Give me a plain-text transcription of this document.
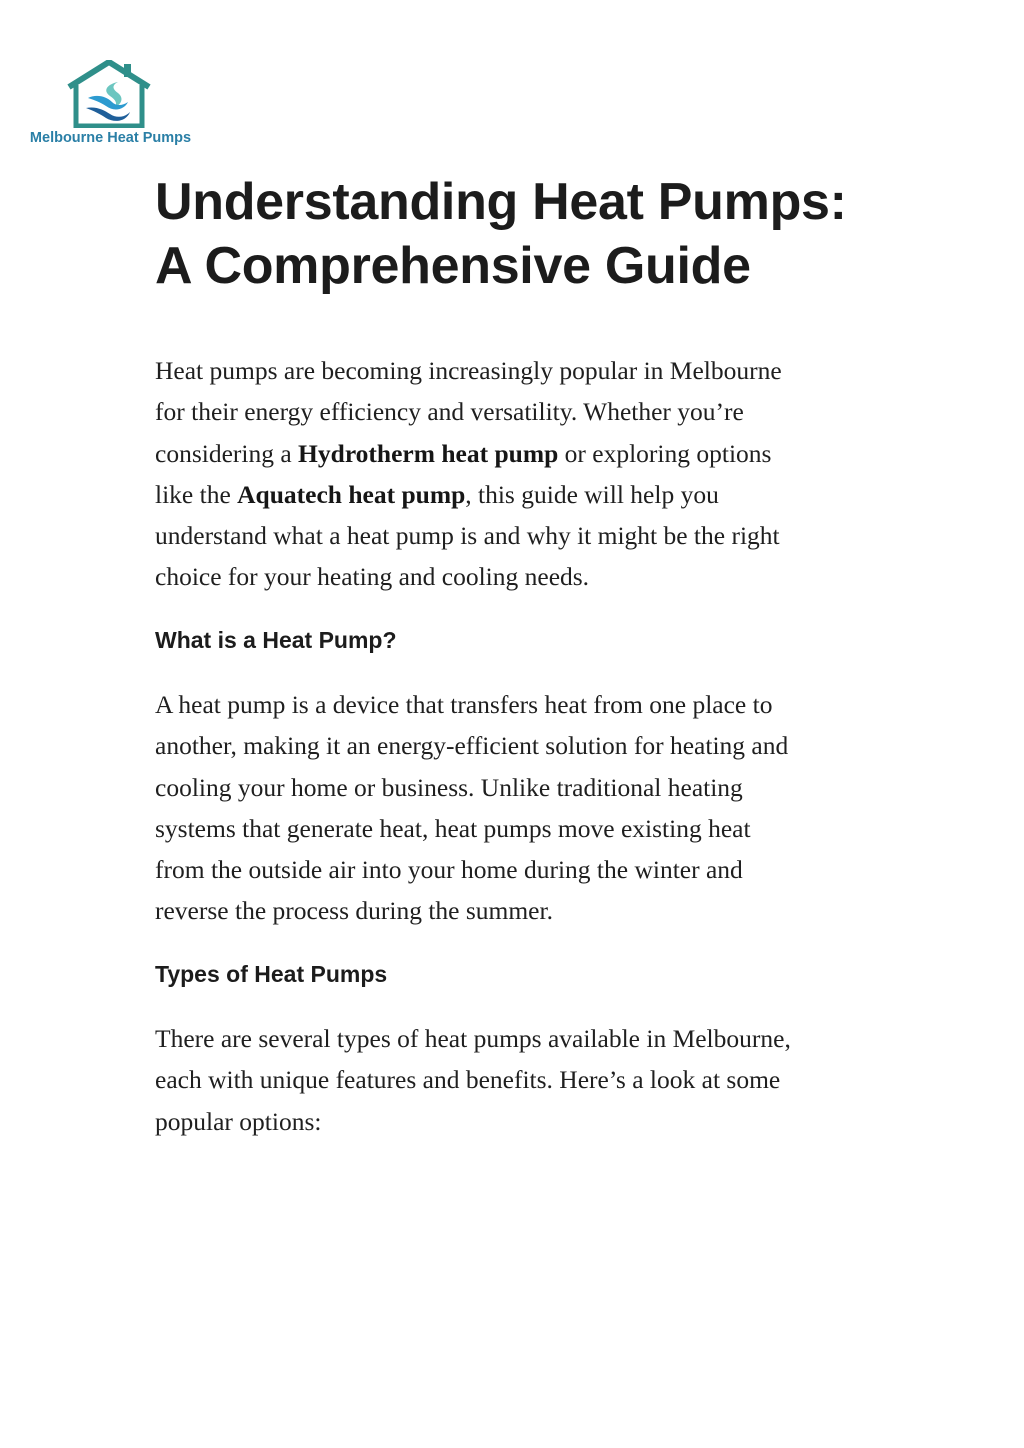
Melbourne Heat Pumps
Understanding Heat Pumps:
A Comprehensive Guide

Heat pumps are becoming increasingly popular in Melbourne
for their energy efficiency and versatility. Whether you’re
considering a Hydrotherm heat pump or exploring options
like the Aquatech heat pump, this guide will help you
understand what a heat pump is and why it might be the right
choice for your heating and cooling needs.

What is a Heat Pump?

A heat pump is a device that transfers heat from one place to
another, making it an energy-efficient solution for heating and
cooling your home or business. Unlike traditional heating
systems that generate heat, heat pumps move existing heat
from the outside air into your home during the winter and
reverse the process during the summer.

Types of Heat Pumps

There are several types of heat pumps available in Melbourne,
each with unique features and benefits. Here’s a look at some
popular options:
